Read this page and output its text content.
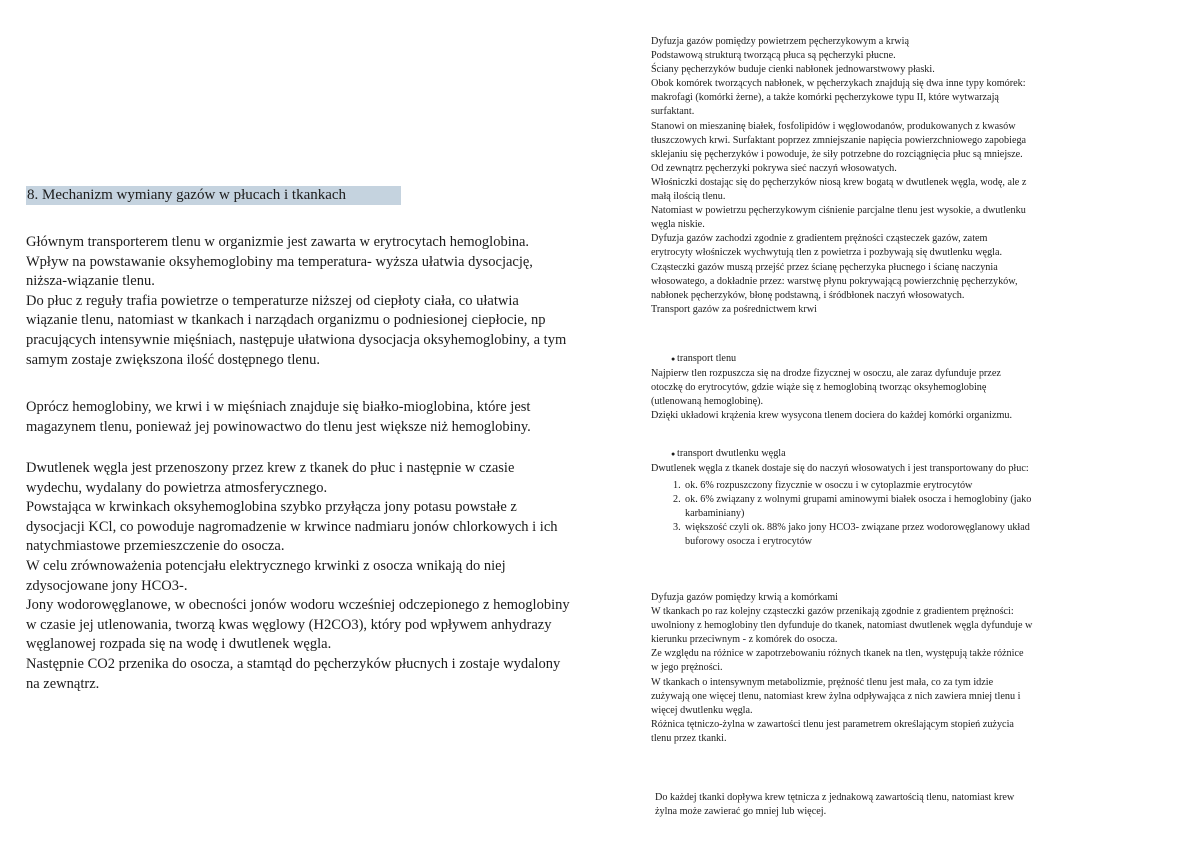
8. Mechanizm wymiany gazów w płucach i tkankach
Głównym transporterem tlenu w organizmie jest zawarta w erytrocytach hemoglobina.
Wpływ na powstawanie oksyhemoglobiny ma temperatura- wyższa ułatwia dysocjację,
niższa-wiązanie tlenu.
Do płuc z reguły trafia powietrze o temperaturze niższej od ciepłoty ciała, co ułatwia
wiązanie tlenu, natomiast w tkankach i narządach organizmu o podniesionej ciepłocie, np
pracujących intensywnie mięśniach, następuje ułatwiona dysocjacja oksyhemoglobiny, a tym
samym zostaje zwiększona ilość dostępnego tlenu.
Oprócz hemoglobiny, we krwi i w mięśniach znajduje się białko-mioglobina, które jest
magazynem tlenu, ponieważ jej powinowactwo do tlenu jest większe niż hemoglobiny.
Dwutlenek węgla jest przenoszony przez krew z tkanek do płuc i następnie w czasie
wydechu, wydalany do powietrza atmosferycznego.
Powstająca w krwinkach oksyhemoglobina szybko przyłącza jony potasu powstałe z
dysocjacji KCl, co powoduje nagromadzenie w krwince nadmiaru jonów chlorkowych i ich
natychmiastowe przemieszczenie do osocza.
W celu zrównoważenia potencjału elektrycznego krwinki z osocza wnikają do niej
zdysocjowane jony HCO3-.
Jony wodorowęglanowe, w obecności jonów wodoru wcześniej odczepionego z hemoglobiny
w czasie jej utlenowania, tworzą kwas węglowy (H2CO3), który pod wpływem anhydrazy
węglanowej rozpada się na wodę i dwutlenek węgla.
Następnie CO2 przenika do osocza, a stamtąd do pęcherzyków płucnych i zostaje wydalony
na zewnątrz.
Dyfuzja gazów pomiędzy powietrzem pęcherzykowym a krwią
Podstawową strukturą tworzącą płuca są pęcherzyki płucne.
Ściany pęcherzyków buduje cienki nabłonek jednowarstwowy płaski.
Obok komórek tworzących nabłonek, w pęcherzykach znajdują się dwa inne typy komórek:
makrofagi (komórki żerne), a także komórki pęcherzykowe typu II, które wytwarzają
surfaktant.
Stanowi on mieszaninę białek, fosfolipidów i węglowodanów, produkowanych z kwasów
tłuszczowych krwi. Surfaktant poprzez zmniejszanie napięcia powierzchniowego zapobiega
sklejaniu się pęcherzyków i powoduje, że siły potrzebne do rozciągnięcia płuc są mniejsze.
Od zewnątrz pęcherzyki pokrywa sieć naczyń włosowatych.
Włośniczki dostając się do pęcherzyków niosą krew bogatą w dwutlenek węgla, wodę, ale z
małą ilością tlenu.
Natomiast w powietrzu pęcherzykowym ciśnienie parcjalne tlenu jest wysokie, a dwutlenku
węgla niskie.
Dyfuzja gazów zachodzi zgodnie z gradientem prężności cząsteczek gazów, zatem
erytrocyty włośniczek wychwytują tlen z powietrza i pozbywają się dwutlenku węgla.
Cząsteczki gazów muszą przejść przez ścianę pęcherzyka płucnego i ścianę naczynia
włosowatego, a dokładnie przez: warstwę płynu pokrywającą powierzchnię pęcherzyków,
nabłonek pęcherzyków, błonę podstawną, i śródbłonek naczyń włosowatych.
Transport gazów za pośrednictwem krwi
● transport tlenu
Najpierw tlen rozpuszcza się na drodze fizycznej w osoczu, ale zaraz dyfunduje przez
otoczkę do erytrocytów, gdzie wiąże się z hemoglobiną tworząc oksyhemoglobinę
(utlenowaną hemoglobinę).
Dzięki układowi krążenia krew wysycona tlenem dociera do każdej komórki organizmu.
● transport dwutlenku węgla
Dwutlenek węgla z tkanek dostaje się do naczyń włosowatych i jest transportowany do płuc:
1. ok. 6% rozpuszczony fizycznie w osoczu i w cytoplazmie erytrocytów
2. ok. 6% związany z wolnymi grupami aminowymi białek osocza i hemoglobiny (jako
karbaminiany)
3. większość czyli ok. 88% jako jony HCO3- związane przez wodorowęglanowy układ
buforowy osocza i erytrocytów
Dyfuzja gazów pomiędzy krwią a komórkami
W tkankach po raz kolejny cząsteczki gazów przenikają zgodnie z gradientem prężności:
uwolniony z hemoglobiny tlen dyfunduje do tkanek, natomiast dwutlenek węgla dyfunduje w
kierunku przeciwnym - z komórek do osocza.
Ze względu na różnice w zapotrzebowaniu różnych tkanek na tlen, występują także różnice
w jego prężności.
W tkankach o intensywnym metabolizmie, prężność tlenu jest mała, co za tym idzie
zużywają one więcej tlenu, natomiast krew żylna odpływająca z nich zawiera mniej tlenu i
więcej dwutlenku węgla.
Różnica tętniczo-żylna w zawartości tlenu jest parametrem określającym stopień zużycia
tlenu przez tkanki.
Do każdej tkanki dopływa krew tętnicza z jednakową zawartością tlenu, natomiast krew
żylna może zawierać go mniej lub więcej.
